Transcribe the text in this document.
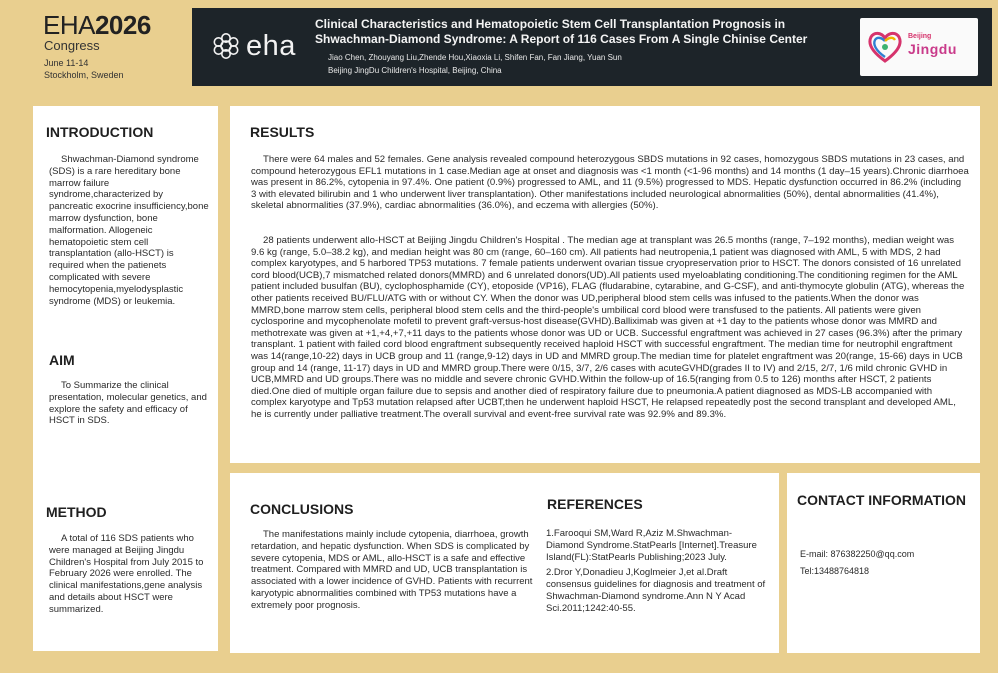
EHA2026
Congress
June 11-14
Stockholm, Sweden
eha
Clinical Characteristics and Hematopoietic Stem Cell Transplantation Prognosis in Shwachman-Diamond Syndrome: A Report of 116 Cases From A Single Chinise Center
Jiao Chen, Zhouyang Liu,Zhende Hou,Xiaoxia Li, Shifen Fan, Fan Jiang, Yuan Sun
Beijing JingDu Children's Hospital, Beijing, China
Beijing
Jingdu
INTRODUCTION
Shwachman-Diamond syndrome (SDS) is a rare hereditary bone marrow failure syndrome,characterized by pancreatic exocrine insufficiency,bone marrow dysfunction, bone malformation. Allogeneic hematopoietic stem cell transplantation (allo-HSCT) is required when the patienets complicated with severe hemocytopenia,myelodysplastic syndrome (MDS) or leukemia.
AIM
To Summarize the clinical presentation, molecular genetics, and explore the safety and efficacy of HSCT in SDS.
METHOD
A total of 116 SDS patients who were managed at Beijing Jingdu Children's Hospital from July 2015 to February 2026 were enrolled. The clinical manifestations,gene analysis and details about HSCT were summarized.
RESULTS
There were 64 males and 52 females. Gene analysis revealed compound heterozygous SBDS mutations in 92 cases, homozygous SBDS mutations in 23 cases, and compound heterozygous EFL1 mutations in 1 case.Median age at onset and diagnosis was <1 month (<1-96 months) and 14 months (1 day–15 years).Chronic diarrhoea was present in 86.2%, cytopenia in 97.4%. One patient (0.9%) progressed to AML, and 11 (9.5%) progressed to MDS. Hepatic dysfunction occurred in 86.2% (including 3 with elevated bilirubin and 1 who underwent liver transplantation). Other manifestations included neurological abnormalities (50%), dental abnormalities (41.4%), skeletal abnormalities (37.9%), cardiac abnormalities (36.0%), and eczema with allergies (50%).
28 patients underwent allo-HSCT at Beijing Jingdu Children's Hospital . The median age at transplant was 26.5 months (range, 7–192 months), median weight was 9.6 kg (range, 5.0–38.2 kg), and median height was 80 cm (range, 60–160 cm). All patients had neutropenia,1 patient was diagnosed with AML, 5 with MDS, 2 had complex karyotypes, and 5 harbored TP53 mutations. 7 female patients underwent ovarian tissue cryopreservation prior to HSCT. The donors consisted of 16 unrelated cord blood(UCB),7 mismatched related donors(MMRD) and 6 unrelated donors(UD).All patients used myeloablating conditioning.The conditioning regimen for the AML patient included busulfan (BU), cyclophosphamide (CY), etoposide (VP16), FLAG (fludarabine, cytarabine, and G-CSF), and anti-thymocyte globulin (ATG), whereas the other patients received BU/FLU/ATG with or without CY. When the donor was UD,peripheral blood stem cells was infused to the patients.When the donor was MMRD,bone marrow stem cells, peripheral blood stem cells and the third-people's umbilical cord blood were transfused to the patients. All patients were given cyclosporine and mycophenolate mofetil to prevent graft-versus-host disease(GVHD).Balliximab was given at +1 day to the patients whose donor was MMRD and methotrexate was given at +1,+4,+7,+11 days to the patients whose donor was UD or UCB. Successful engraftment was achieved in 27 cases (96.3%) after the primary transplant. 1 patient with failed cord blood engraftment subsequently received haploid HSCT with successful engraftment. The median time for neutrophil engraftment was 14(range,10-22) days in UCB group and 11 (range,9-12) days in UD and MMRD group.The median time for platelet engraftment was 20(range, 15-66) days in UCB group and 14 (range, 11-17) days in UD and MMRD group.There were 0/15, 3/7, 2/6 cases with acuteGVHD(grades II to IV) and 2/15, 2/7, 1/6 mild chronic GVHD in UCB,MMRD and UD groups.There was no middle and severe chronic GVHD.Within the follow-up of 16.5(ranging from 0.5 to 126) months after HSCT, 2 patients died.One died of multiple organ failure due to sepsis and another died of respiratory failure due to pneumonia.A patient diagnosed as MDS-LB accompanied with complex karyotype and Tp53 mutation relapsed after UCBT,then he underwent haploid HSCT, He relapsed repeatedly post the second transplant and developed AML, he is currently under palliative treatment.The overall survival and event-free survival rate was 92.9% and 89.3%.
CONCLUSIONS
The manifestations mainly include cytopenia, diarrhoea, growth retardation, and hepatic dysfunction. When SDS is complicated by severe cytopenia, MDS or AML, allo-HSCT is a safe and effective treatment. Compared with MMRD and UD, UCB transplantation is associated with a lower incidence of GVHD. Patients with recurrent karyotypic abnormalities combined with TP53 mutations have a extremely poor prognosis.
REFERENCES

1.Farooqui SM,Ward R,Aziz M.Shwachman-Diamond Syndrome.StatPearls [Internet].Treasure Island(FL):StatPearls Publishing;2023 July.

2.Dror Y,Donadieu J,Koglmeier J,et al.Draft consensus guidelines for diagnosis and treatment of Shwachman-Diamond syndrome.Ann N Y Acad Sci.2011;1242:40-55.

CONTACT INFORMATION
E-mail: 876382250@qq.com
Tel:13488764818
